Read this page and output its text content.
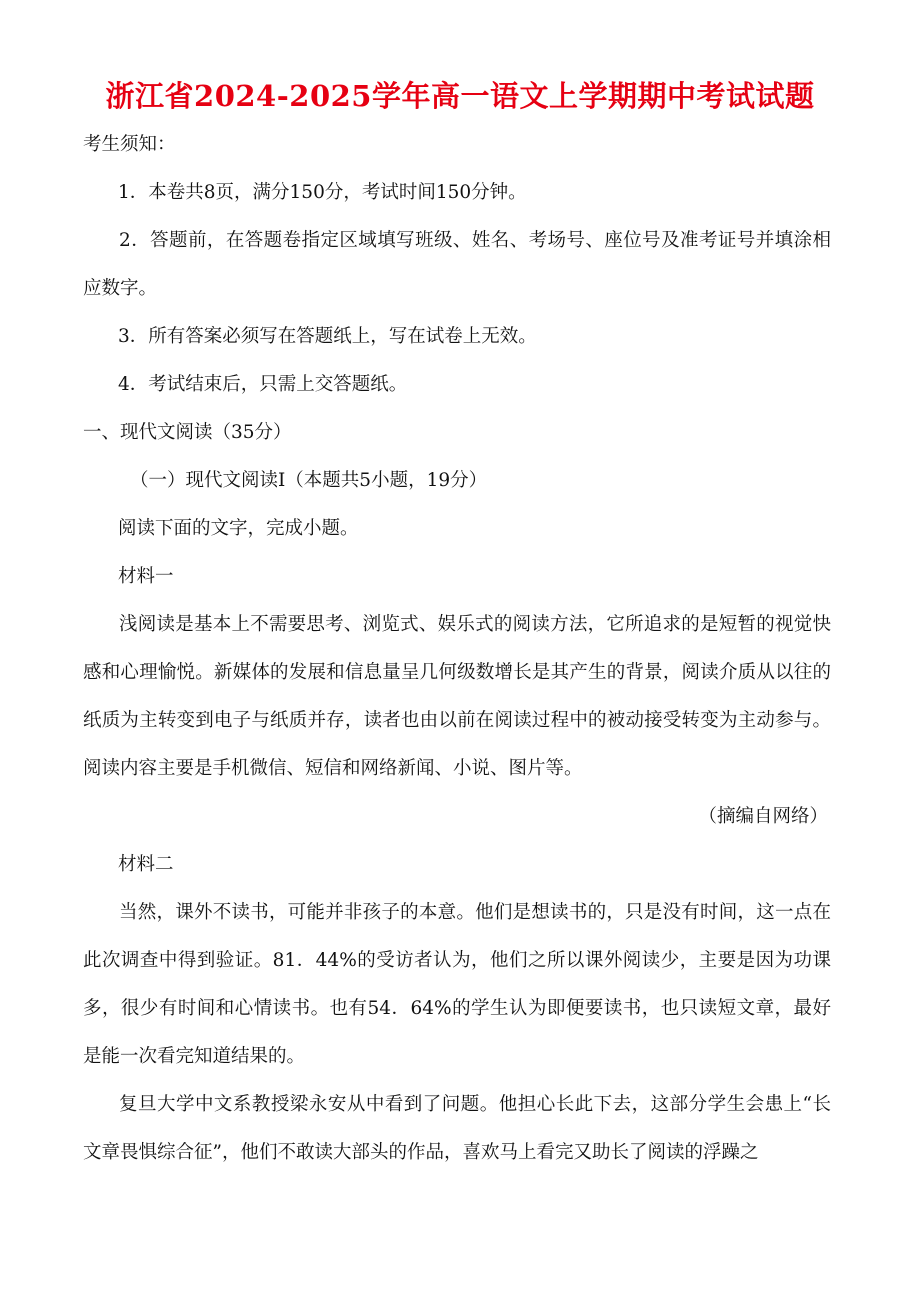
浙江省2024-2025学年高一语文上学期期中考试试题
考生须知：
1．本卷共8页，满分150分，考试时间150分钟。
2．答题前，在答题卷指定区域填写班级、姓名、考场号、座位号及准考证号并填涂相应数字。
3．所有答案必须写在答题纸上，写在试卷上无效。
4．考试结束后，只需上交答题纸。
一、现代文阅读（35分）
（一）现代文阅读Ⅰ（本题共5小题，19分）
阅读下面的文字，完成小题。
材料一
浅阅读是基本上不需要思考、浏览式、娱乐式的阅读方法，它所追求的是短暂的视觉快感和心理愉悦。新媒体的发展和信息量呈几何级数增长是其产生的背景，阅读介质从以往的纸质为主转变到电子与纸质并存，读者也由以前在阅读过程中的被动接受转变为主动参与。阅读内容主要是手机微信、短信和网络新闻、小说、图片等。
（摘编自网络）
材料二
当然，课外不读书，可能并非孩子的本意。他们是想读书的，只是没有时间，这一点在此次调查中得到验证。81．44%的受访者认为，他们之所以课外阅读少，主要是因为功课多，很少有时间和心情读书。也有54．64%的学生认为即便要读书，也只读短文章，最好是能一次看完知道结果的。
复旦大学中文系教授梁永安从中看到了问题。他担心长此下去，这部分学生会患上“长文章畏惧综合征”，他们不敢读大部头的作品，喜欢马上看完又助长了阅读的浮躁之
